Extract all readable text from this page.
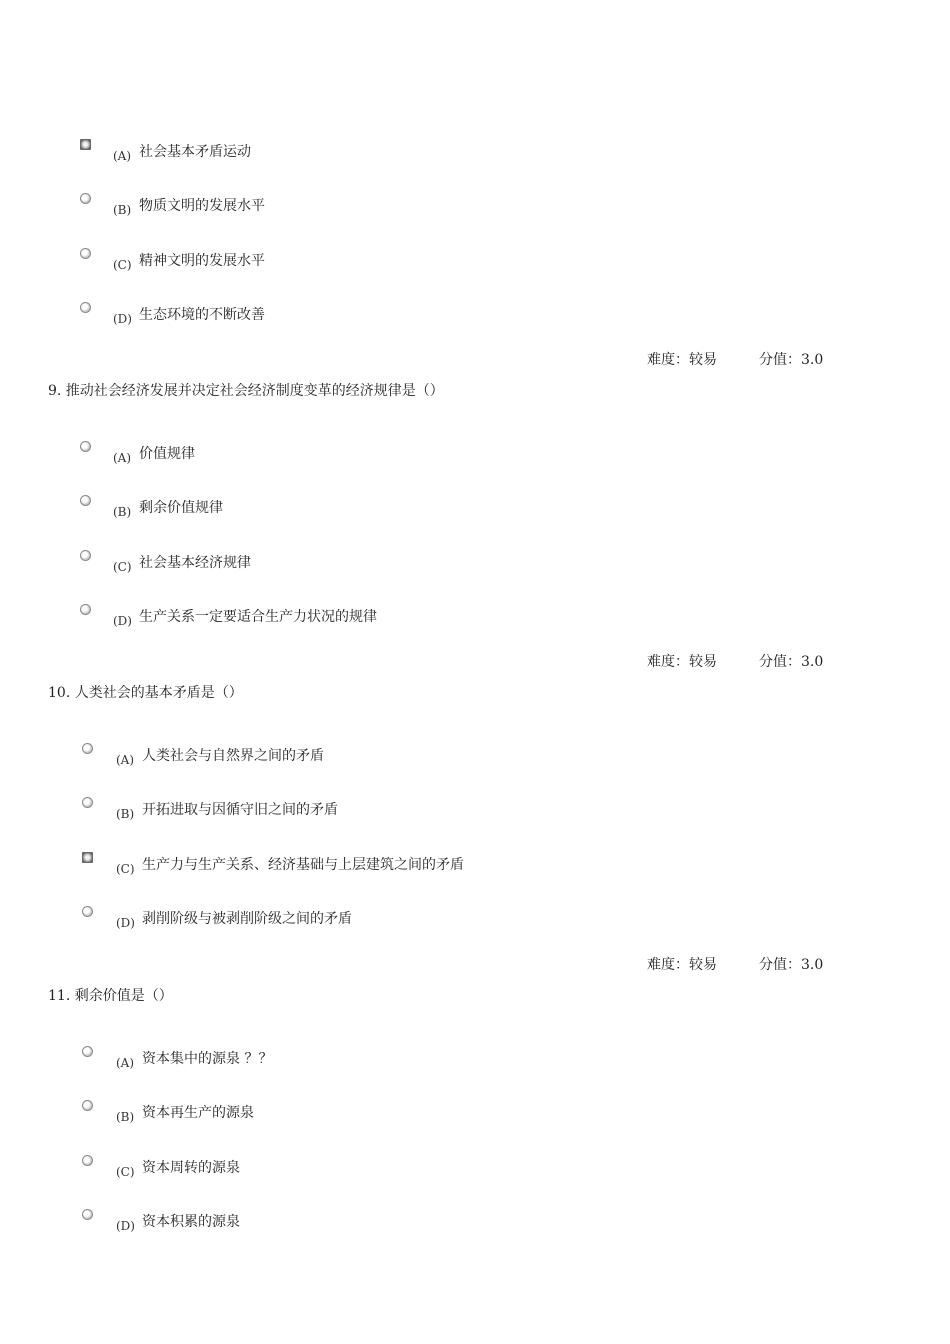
(A) 社会基本矛盾运动
(B) 物质文明的发展水平
(C) 精神文明的发展水平
(D) 生态环境的不断改善
难度：较易	分值：3.0
9. 推动社会经济发展并决定社会经济制度变革的经济规律是（）
(A) 价值规律
(B) 剩余价值规律
(C) 社会基本经济规律
(D) 生产关系一定要适合生产力状况的规律
难度：较易	分值：3.0
10. 人类社会的基本矛盾是（）
(A) 人类社会与自然界之间的矛盾
(B) 开拓进取与因循守旧之间的矛盾
(C) 生产力与生产关系、经济基础与上层建筑之间的矛盾
(D) 剥削阶级与被剥削阶级之间的矛盾
难度：较易	分值：3.0
11. 剩余价值是（）
(A) 资本集中的源泉 ？？
(B) 资本再生产的源泉
(C) 资本周转的源泉
(D) 资本积累的源泉
